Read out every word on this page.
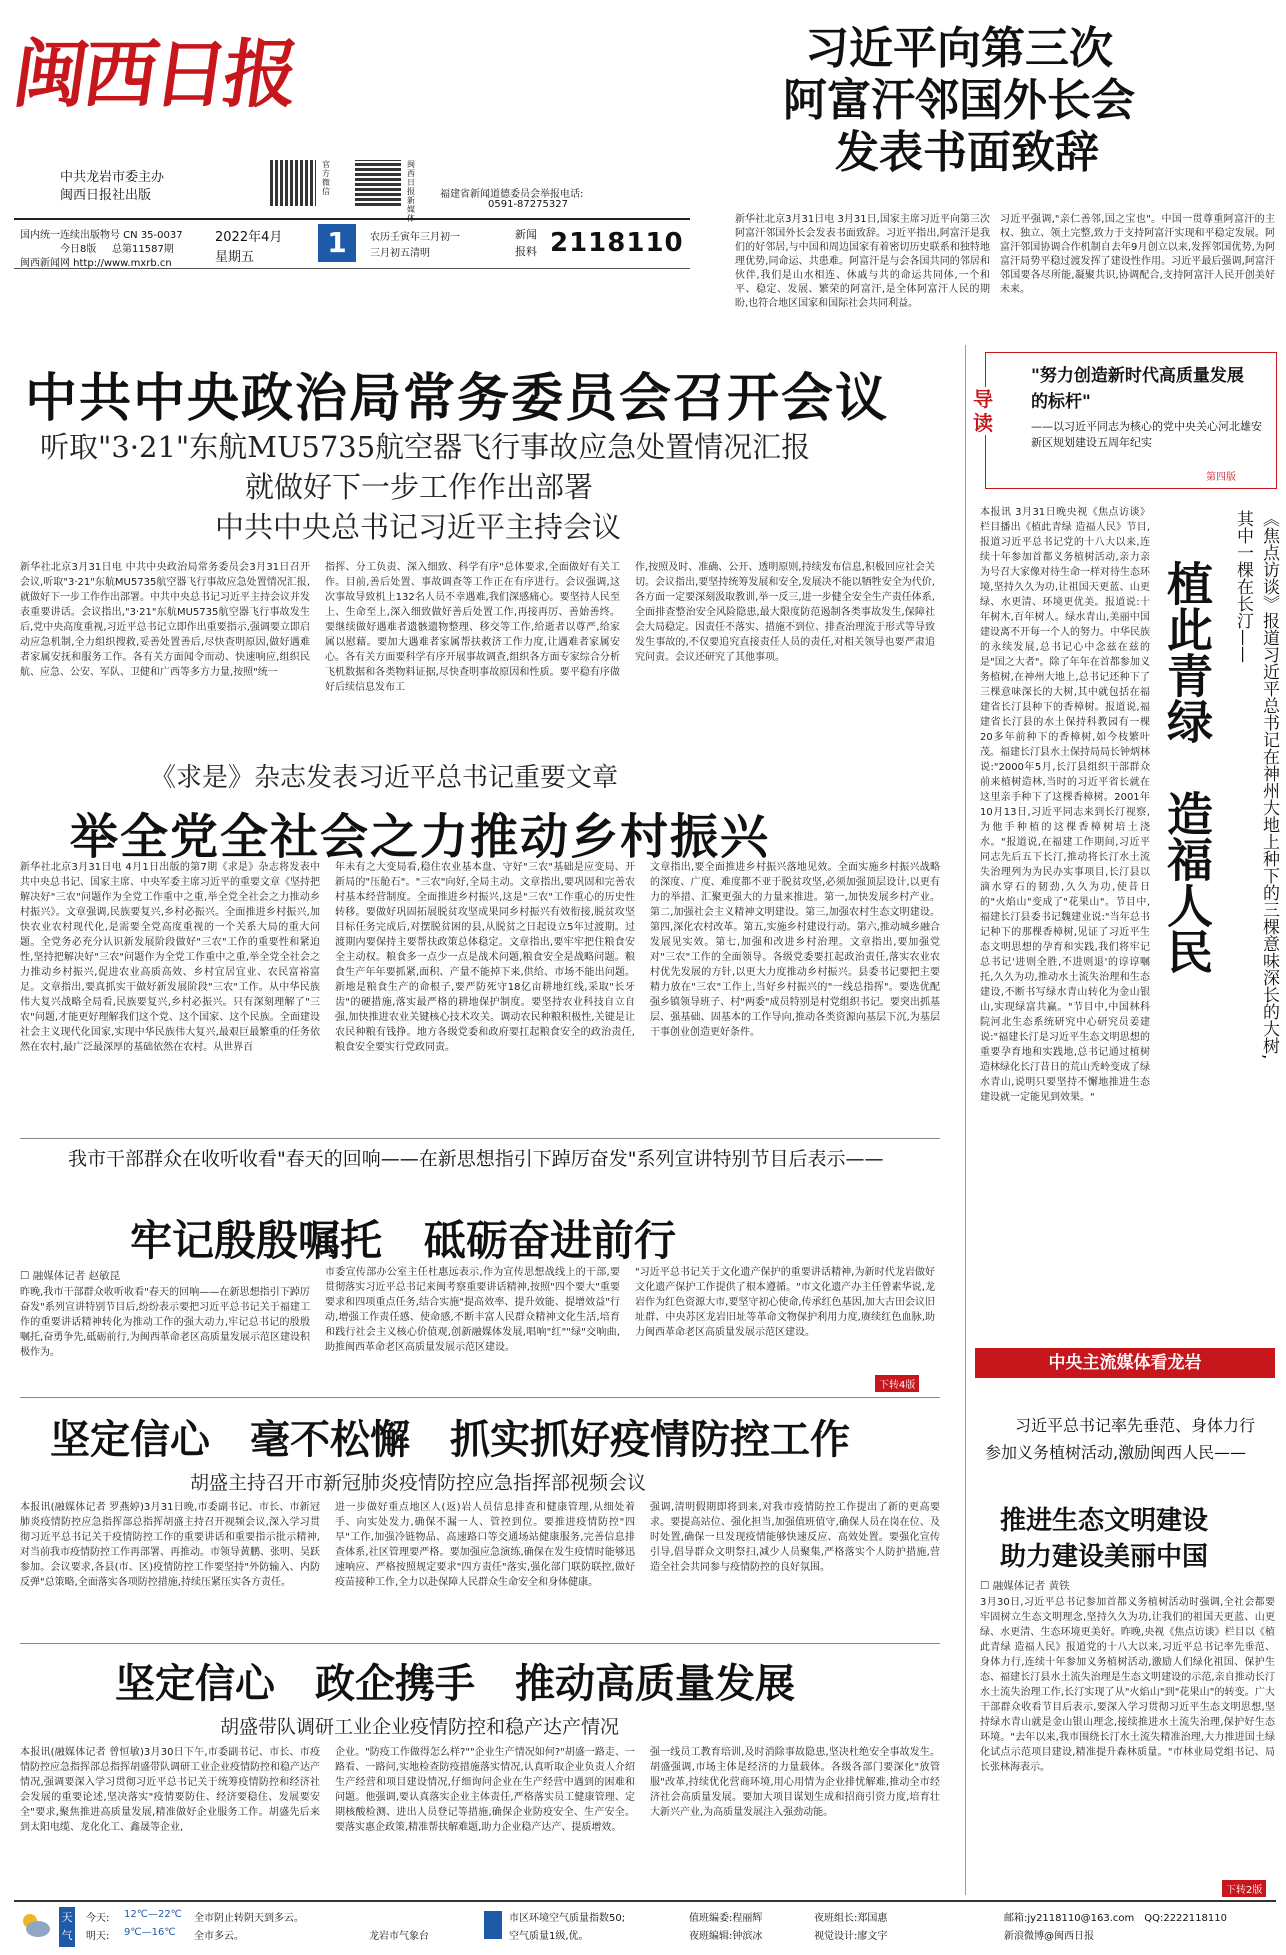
闽西日报
中共龙岩市委主办
闽西日报社出版
官方微信
闽西日报 新媒体
福建省新闻道德委员会举报电话:
0591-87275327
国内统一连续出版物号 CN 35-0037
今日8版 总第11587期
闽西新闻网 http://www.mxrb.cn
2022年4月
星期五	1	农历壬寅年三月初一
三月初五清明
新闻报料 2118110
习近平向第三次
阿富汗邻国外长会
发表书面致辞
新华社北京3月31日电 3月31日,国家主席习近平向第三次阿富汗邻国外长会发表书面致辞。习近平指出,阿富汗是我们的好邻居,与中国和周边国家有着密切历史联系和独特地理优势,同命运、共患难。阿富汗是与会各国共同的邻居和伙伴,我们是山水相连、休戚与共的命运共同体,一个和平、稳定、发展、繁荣的阿富汗,是全体阿富汗人民的期盼,也符合地区国家和国际社会共同利益。
习近平强调,"亲仁善邻,国之宝也"。中国一贯尊重阿富汗的主权、独立、领土完整,致力于支持阿富汗实现和平稳定发展。阿富汗邻国协调合作机制自去年9月创立以来,发挥邻国优势,为阿富汗局势平稳过渡发挥了建设性作用。习近平最后强调,阿富汗邻国要各尽所能,凝聚共识,协调配合,支持阿富汗人民开创美好未来。
导读
"努力创造新时代高质量发展的标杆"
——以习近平同志为核心的党中央关心河北雄安新区规划建设五周年纪实
第四版
中共中央政治局常务委员会召开会议
听取"3·21"东航MU5735航空器飞行事故应急处置情况汇报
就做好下一步工作作出部署
中共中央总书记习近平主持会议
新华社北京3月31日电 中共中央政治局常务委员会3月31日召开会议,听取"3·21"东航MU5735航空器飞行事故应急处置情况汇报,就做好下一步工作作出部署。中共中央总书记习近平主持会议并发表重要讲话。会议指出,"3·21"东航MU5735航空器飞行事故发生后,党中央高度重视,习近平总书记立即作出重要指示,强调要立即启动应急机制,全力组织搜救,妥善处置善后,尽快查明原因,做好遇难者家属安抚和服务工作。各有关方面闻令而动、快速响应,组织民航、应急、公安、军队、卫健和广西等多方力量,按照"统一
指挥、分工负责、深入细致、科学有序"总体要求,全面做好有关工作。目前,善后处置、事故调查等工作正在有序进行。会议强调,这次事故导致机上132名人员不幸遇难,我们深感痛心。要坚持人民至上、生命至上,深入细致做好善后处置工作,再接再厉、善始善终。要继续做好遇难者遗骸遗物整理、移交等工作,给逝者以尊严,给家属以慰藉。要加大遇难者家属帮扶救济工作力度,让遇难者家属安心。各有关方面要科学有序开展事故调查,组织各方面专家综合分析飞机数据和各类物料证据,尽快查明事故原因和性质。要平稳有序做好后续信息发布工
作,按照及时、准确、公开、透明原则,持续发布信息,积极回应社会关切。会议指出,要坚持统筹发展和安全,发展决不能以牺牲安全为代价,各方面一定要深刻汲取教训,举一反三,进一步健全安全生产责任体系,全面排查整治安全风险隐患,最大限度防范遏制各类事故发生,保障社会大局稳定。因责任不落实、措施不到位、排查治理流于形式等导致发生事故的,不仅要追究直接责任人员的责任,对相关领导也要严肃追究问责。会议还研究了其他事项。
《求是》杂志发表习近平总书记重要文章
举全党全社会之力推动乡村振兴
新华社北京3月31日电 4月1日出版的第7期《求是》杂志将发表中共中央总书记、国家主席、中央军委主席习近平的重要文章《坚持把解决好"三农"问题作为全党工作重中之重,举全党全社会之力推动乡村振兴》。文章强调,民族要复兴,乡村必振兴。全面推进乡村振兴,加快农业农村现代化,是需要全党高度重视的一个关系大局的重大问题。全党务必充分认识新发展阶段做好"三农"工作的重要性和紧迫性,坚持把解决好"三农"问题作为全党工作重中之重,举全党全社会之力推动乡村振兴,促进农业高质高效、乡村宜居宜业、农民富裕富足。文章指出,要真抓实干做好新发展阶段"三农"工作。从中华民族伟大复兴战略全局看,民族要复兴,乡村必振兴。只有深刻理解了"三农"问题,才能更好理解我们这个党、这个国家、这个民族。全面建设社会主义现代化国家,实现中华民族伟大复兴,最艰巨最繁重的任务依然在农村,最广泛最深厚的基础依然在农村。从世界百
年未有之大变局看,稳住农业基本盘、守好"三农"基础是应变局、开新局的"压舱石"。"三农"向好,全局主动。文章指出,要巩固和完善农村基本经营制度。全面推进乡村振兴,这是"三农"工作重心的历史性转移。要做好巩固拓展脱贫攻坚成果同乡村振兴有效衔接,脱贫攻坚目标任务完成后,对摆脱贫困的县,从脱贫之日起设立5年过渡期。过渡期内要保持主要帮扶政策总体稳定。文章指出,要牢牢把住粮食安全主动权。粮食多一点少一点是战术问题,粮食安全是战略问题。粮食生产年年要抓紧,面积、产量不能掉下来,供给、市场不能出问题。新地是粮食生产的命根子,要严防死守18亿亩耕地红线,采取"长牙齿"的硬措施,落实最严格的耕地保护制度。要坚持农业科技自立自强,加快推进农业关键核心技术攻关。调动农民种粮积极性,关键是让农民种粮有钱挣。地方各级党委和政府要扛起粮食安全的政治责任,粮食安全要实行党政同责。
文章指出,要全面推进乡村振兴落地见效。全面实施乡村振兴战略的深度、广度、难度都不亚于脱贫攻坚,必须加强顶层设计,以更有力的举措、汇聚更强大的力量来推进。第一,加快发展乡村产业。第二,加强社会主义精神文明建设。第三,加强农村生态文明建设。第四,深化农村改革。第五,实施乡村建设行动。第六,推动城乡融合发展见实效。第七,加强和改进乡村治理。文章指出,要加强党对"三农"工作的全面领导。各级党委要扛起政治责任,落实农业农村优先发展的方针,以更大力度推动乡村振兴。县委书记要把主要精力放在"三农"工作上,当好乡村振兴的"一线总指挥"。要选优配强乡镇领导班子、村"两委"成员特别是村党组织书记。要突出抓基层、强基础、固基本的工作导向,推动各类资源向基层下沉,为基层干事创业创造更好条件。
我市干部群众在收听收看"春天的回响——在新思想指引下踔厉奋发"系列宣讲特别节目后表示——
牢记殷殷嘱托　砥砺奋进前行
☐ 融媒体记者 赵敏昆
昨晚,我市干部群众收听收看"春天的回响——在新思想指引下踔厉奋发"系列宣讲特别节目后,纷纷表示要把习近平总书记关于福建工作的重要讲话精神转化为推动工作的强大动力,牢记总书记的殷殷嘱托,奋勇争先,砥砺前行,为闽西革命老区高质量发展示范区建设积极作为。
市委宣传部办公室主任杜惠远表示,作为宣传思想战线上的干部,要贯彻落实习近平总书记来闽考察重要讲话精神,按照"四个要大"重要要求和四项重点任务,结合实施"提高效率、提升效能、提增效益"行动,增强工作责任感、使命感,不断丰富人民群众精神文化生活,培育和践行社会主义核心价值观,创新融媒体发展,唱响"红""绿"交响曲,助推闽西革命老区高质量发展示范区建设。
"习近平总书记关于文化遗产保护的重要讲话精神,为新时代龙岩做好文化遗产保护工作提供了根本遵循。"市文化遗产办主任曾素华说,龙岩作为红色资源大市,要坚守初心使命,传承红色基因,加大古田会议旧址群、中央苏区龙岩旧址等革命文物保护利用力度,赓续红色血脉,助力闽西革命老区高质量发展示范区建设。
下转4版
坚定信心　毫不松懈　抓实抓好疫情防控工作
胡盛主持召开市新冠肺炎疫情防控应急指挥部视频会议
本报讯(融媒体记者 罗燕婷)3月31日晚,市委副书记、市长、市新冠肺炎疫情防控应急指挥部总指挥胡盛主持召开视频会议,深入学习贯彻习近平总书记关于疫情防控工作的重要讲话和重要指示批示精神,对当前我市疫情防控工作再部署、再推动。市领导黄鹏、张明、吴跃参加。会议要求,各县(市、区)疫情防控工作要坚持"外防输入、内防反弹"总策略,全面落实各项防控措施,持续压紧压实各方责任。
进一步做好重点地区人(返)岩人员信息排查和健康管理,从细处着手、向实处发力,确保不漏一人、管控到位。要推进疫情防控"四早"工作,加强冷链物品、高速路口等交通场站健康服务,完善信息排查体系,社区管理要严格。要加强应急演练,确保在发生疫情时能够迅速响应、严格按照规定要求"四方责任"落实,强化部门联防联控,做好疫苗接种工作,全力以赴保障人民群众生命安全和身体健康。
强调,清明假期即将到来,对我市疫情防控工作提出了新的更高要求。要提高站位、强化担当,加强值班值守,确保人员在岗在位、及时处置,确保一旦发现疫情能够快速反应、高效处置。要强化宣传引导,倡导群众文明祭扫,减少人员聚集,严格落实个人防护措施,营造全社会共同参与疫情防控的良好氛围。
坚定信心　政企携手　推动高质量发展
胡盛带队调研工业企业疫情防控和稳产达产情况
本报讯(融媒体记者 曾恒敏)3月30日下午,市委副书记、市长、市疫情防控应急指挥部总指挥胡盛带队调研工业企业疫情防控和稳产达产情况,强调要深入学习贯彻习近平总书记关于统筹疫情防控和经济社会发展的重要论述,坚决落实"疫情要防住、经济要稳住、发展要安全"要求,聚焦推进高质量发展,精准做好企业服务工作。胡盛先后来到太阳电缆、龙化化工、鑫晟等企业,
企业。"防疫工作做得怎么样?""企业生产情况如何?"胡盛一路走、一路看、一路问,实地检查防疫措施落实情况,认真听取企业负责人介绍生产经营和项目建设情况,仔细询问企业在生产经营中遇到的困难和问题。他强调,要认真落实企业主体责任,严格落实员工健康管理、定期核酸检测、进出人员登记等措施,确保企业防疫安全、生产安全。要落实惠企政策,精准帮扶解难题,助力企业稳产达产、提质增效。
强一线员工教育培训,及时消除事故隐患,坚决杜绝安全事故发生。胡盛强调,市场主体是经济的力量载体。各级各部门要深化"放管服"改革,持续优化营商环境,用心用情为企业排忧解难,推动全市经济社会高质量发展。要加大项目谋划生成和招商引资力度,培育壮大新兴产业,为高质量发展注入强劲动能。
《焦点访谈》报道习近平总书记在神州大地上种下的三棵意味深长的大树,其中一棵在长汀——
植此青绿　造福人民
本报讯 3月31日晚央视《焦点访谈》栏目播出《植此青绿 造福人民》节目,报道习近平总书记党的十八大以来,连续十年参加首都义务植树活动,亲力亲为号召大家像对待生命一样对待生态环境,坚持久久为功,让祖国天更蓝、山更绿、水更清、环境更优美。报道说:十年树木,百年树人。绿水青山,美丽中国建设离不开每一个人的努力。中华民族的永续发展,总书记心中念兹在兹的是"国之大者"。除了年年在首都参加义务植树,在神州大地上,总书记还种下了三棵意味深长的大树,其中就包括在福建省长汀县种下的香樟树。报道说,福建省长汀县的水土保持科教园有一棵20多年前种下的香樟树,如今枝繁叶茂。福建长汀县水土保持局局长钟炳林说:"2000年5月,长汀县组织干部群众前来植树造林,当时的习近平省长就在这里亲手种下了这棵香樟树。2001年10月13日,习近平同志来到长汀视察,为他手种植的这棵香樟树培土浇水。"报道说,在福建工作期间,习近平同志先后五下长汀,推动将长汀水土流失治理列为为民办实事项目,长汀县以滴水穿石的韧劲,久久为功,使昔日的"火焰山"变成了"花果山"。节目中,福建长汀县委书记魏建业说:"当年总书记种下的那棵香樟树,见证了习近平生态文明思想的孕育和实践,我们将牢记总书记'进则全胜,不进则退'的谆谆嘱托,久久为功,推动水土流失治理和生态建设,不断书写绿水青山转化为金山银山,实现绿富共赢。"节目中,中国林科院河北生态系统研究中心研究员姜建说:"福建长汀是习近平生态文明思想的重要孕育地和实践地,总书记通过植树造林绿化长汀昔日的荒山秃岭变成了绿水青山,说明只要坚持不懈地推进生态建设就一定能见到效果。"
中央主流媒体看龙岩
习近平总书记率先垂范、身体力行参加义务植树活动,激励闽西人民——
推进生态文明建设
助力建设美丽中国
☐ 融媒体记者 黄铁
3月30日,习近平总书记参加首都义务植树活动时强调,全社会都要牢固树立生态文明理念,坚持久久为功,让我们的祖国天更蓝、山更绿、水更清、生态环境更美好。昨晚,央视《焦点访谈》栏目以《植此青绿 造福人民》报道党的十八大以来,习近平总书记率先垂范、身体力行,连续十年参加义务植树活动,激励人们绿化祖国、保护生态、福建长汀县水土流失治理是生态文明建设的示范,亲自推动长汀水土流失治理工作,长汀实现了从"火焰山"到"花果山"的转变。广大干部群众收看节目后表示,要深入学习贯彻习近平生态文明思想,坚持绿水青山就是金山银山理念,接续推进水土流失治理,保护好生态环境。"去年以来,我市围绕长汀水土流失精准治理,大力推进国土绿化试点示范项目建设,精准提升森林质量。"市林业局党组书记、局长张林海表示。
下转2版
天气
今天: 12℃—22℃ 全市阴止转阴天到多云。
明天: 9℃—16℃ 全市多云。	龙岩市气象台
市区环境空气质量指数50;
空气质量1级,优。
值班编委:程丽辉
夜班编辑:钟滨冰
夜班组长:郑国惠
视觉设计:廖文宇
邮箱:jy2118110@163.com　QQ:2222118110
新浪微博@闽西日报
